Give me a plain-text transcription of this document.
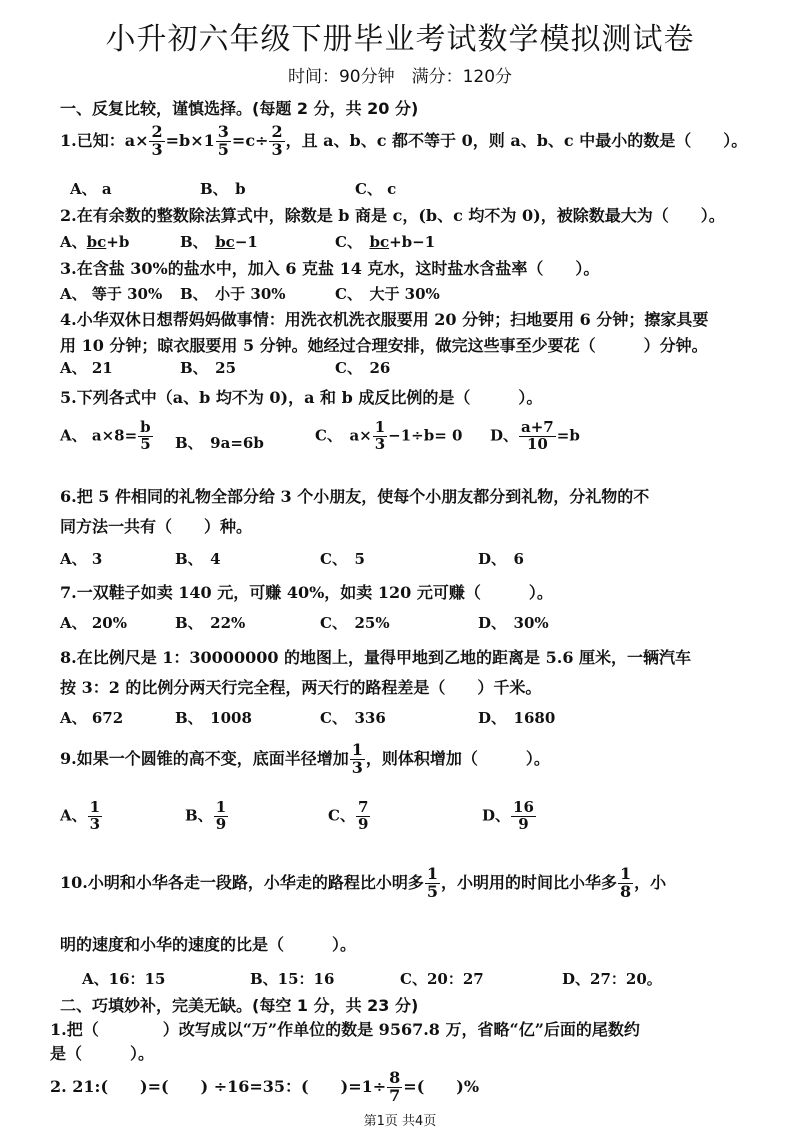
小升初六年级下册毕业考试数学模拟测试卷
时间：90分钟　满分：120分
一、反复比较，谨慎选择。(每题 2 分，共 20 分)
1.已知：$a\times \frac{2}{3} =b\times 1 \frac{3}{5} =c\div \frac{2}{3}$ ，且 a、b、c 都不等于 0，则 a、b、c 中最小的数是（　　）。
A、 a	B、　b	C、 c
2.在有余数的整数除法算式中，除数是 b 商是 c，(b、c 均不为 0)，被除数最大为（　　）。
A、bc+b	B、　bc−1	C、　bc+b−1
3.在含盐 30%的盐水中，加入 6 克盐 14 克水，这时盐水含盐率（　　）。
A、 等于 30% B、　小于 30%	C、　大于 30%
4.小华双休日想帮妈妈做事情：用洗衣机洗衣服要用 20 分钟；扫地要用 6 分钟；擦家具要
用 10 分钟；晾衣服要用 5 分钟。她经过合理安排，做完这些事至少要花（　　　）分钟。
A、 21	B、　25	C、　26
5.下列各式中（a、b 均不为 0)，a 和 b 成反比例的是（　　　）。
A、 $a\times 8= \frac{b}{5}$ B、　9a=6b	C、　$a\times \frac{1}{3} -1\div b= 0$ D、 $\frac{a+7}{10} =b$
6.把 5 件相同的礼物全部分给 3 个小朋友，使每个小朋友都分到礼物，分礼物的不
同方法一共有（　　）种。
A、 3	B、　4	C、　5	D、　6
7.一双鞋子如卖 140 元，可赚 40%，如卖 120 元可赚（　　　）。
A、 20%	B、　22%	C、　25%	D、　30%
8.在比例尺是 1：30000000 的地图上，量得甲地到乙地的距离是 5.6 厘米，一辆汽车
按 3：2 的比例分两天行完全程，两天行的路程差是（　　）千米。
A、 672	B、　1008	C、　336	D、　1680
9.如果一个圆锥的高不变，底面半径增加 $\frac{1}{3}$ ，则体积增加（　　　）。
A、 $\frac{1}{3}$	B、 $\frac{1}{9}$	C、 $\frac{7}{9}$	D、 $\frac{16}{9}$
10.小明和小华各走一段路，小华走的路程比小明多 $\frac{1}{5}$ ，小明用的时间比小华多 $\frac{1}{8}$ ，小
明的速度和小华的速度的比是（　　　）。
A、16：15	B、15：16	C、20：27	D、27：20。
二、巧填妙补，完美无缺。(每空 1 分，共 23 分)
1.把（　　　　）改写成以“万”作单位的数是 9567.8 万，省略“亿”后面的尾数约
是（　　　）。
2. 21:(　　)=(　　) ÷16=35：(　　)$=1\div \frac{8}{7}$ =(　　)%
第1页 共4页
